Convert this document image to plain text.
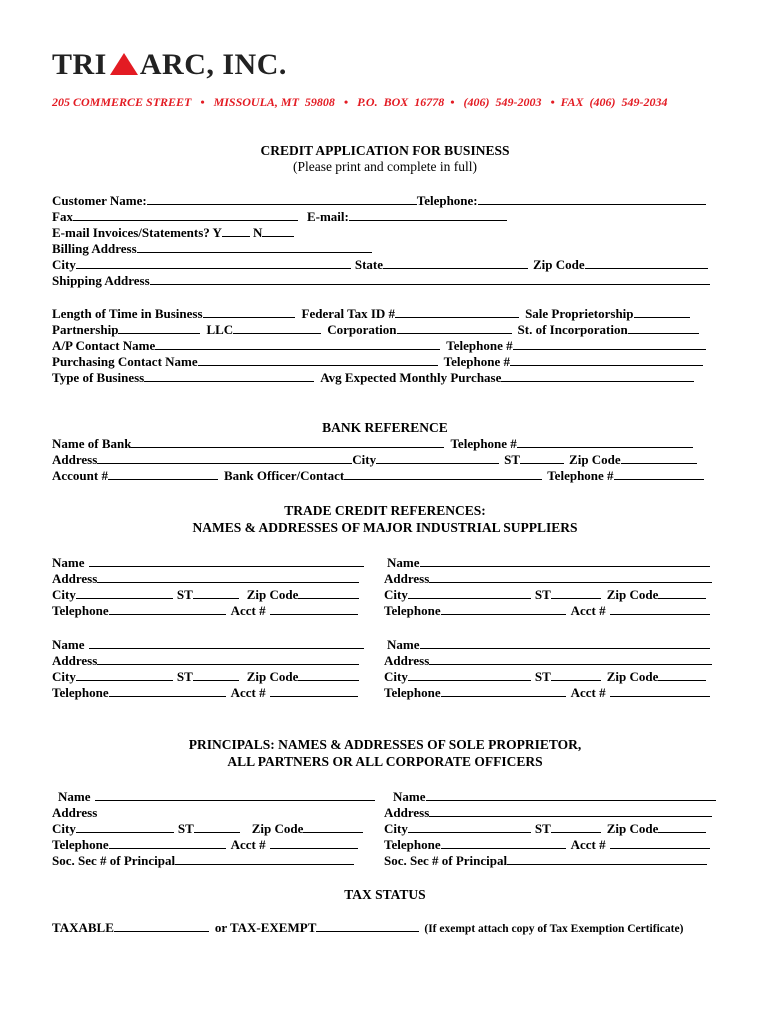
TRI ARC, INC.
205 COMMERCE STREET   •   MISSOULA, MT  59808   •   P.O.  BOX  16778  •   (406)  549-2003   •  FAX  (406)  549-2034
CREDIT APPLICATION FOR BUSINESS
(Please print and complete in full)
Customer Name:	Telephone:
Fax	E-mail:
E-mail Invoices/Statements? Y N
Billing Address
City	State	Zip Code
Shipping Address
Length of Time in Business	Federal Tax ID #	Sale Proprietorship
Partnership	LLC	Corporation	St. of Incorporation
A/P Contact Name	Telephone #
Purchasing Contact Name	Telephone #
Type of Business	Avg Expected Monthly Purchase
BANK REFERENCE
Name of Bank	Telephone #
Address	City	ST	Zip Code
Account #	Bank Officer/Contact	Telephone #
TRADE CREDIT REFERENCES:
NAMES & ADDRESSES OF MAJOR INDUSTRIAL SUPPLIERS
Name
Address
City	ST	Zip Code
Telephone	Acct #
Name
Address
City	ST	Zip Code
Telephone	Acct #
Name
Address
City	ST	Zip Code
Telephone	Acct #
Name
Address
City	ST	Zip Code
Telephone	Acct #
PRINCIPALS: NAMES & ADDRESSES OF SOLE PROPRIETOR,
ALL PARTNERS OR ALL CORPORATE OFFICERS
Name
Address
City	ST	Zip Code
Telephone	Acct #
Soc. Sec # of Principal
Name
Address
City	ST	Zip Code
Telephone	Acct #
Soc. Sec # of Principal
TAX STATUS
TAXABLE	or TAX-EXEMPT	(If exempt attach copy of Tax Exemption Certificate)
